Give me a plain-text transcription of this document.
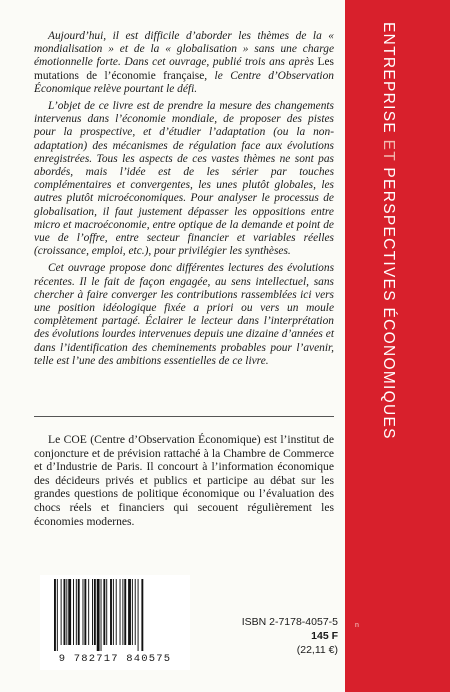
Aujourd’hui, il est difficile d’aborder les thèmes de la « mondialisation » et de la « globalisation » sans une charge émotionnelle forte. Dans cet ouvrage, publié trois ans après Les mutations de l’économie française, le Centre d’Observation Économique relève pourtant le défi.

L’objet de ce livre est de prendre la mesure des changements intervenus dans l’économie mondiale, de proposer des pistes pour la prospective, et d’étudier l’adaptation (ou la non-adaptation) des mécanismes de régulation face aux évolutions enregistrées. Tous les aspects de ces vastes thèmes ne sont pas abordés, mais l’idée est de les sérier par touches complémentaires et convergentes, les unes plutôt globales, les autres plutôt microéconomiques. Pour analyser le processus de globalisation, il faut justement dépasser les oppositions entre micro et macroéconomie, entre optique de la demande et point de vue de l’offre, entre secteur financier et variables réelles (croissance, emploi, etc.), pour privilégier les synthèses.

Cet ouvrage propose donc différentes lectures des évolutions récentes. Il le fait de façon engagée, au sens intellectuel, sans chercher à faire converger les contributions rassemblées ici vers une position idéologique fixée a priori ou vers un moule complètement partagé. Éclairer le lecteur dans l’interprétation des évolutions lourdes intervenues depuis une dizaine d’années et dans l’identification des cheminements probables pour l’avenir, telle est l’une des ambitions essentielles de ce livre.

Le COE (Centre d’Observation Économique) est l’institut de conjoncture et de prévision rattaché à la Chambre de Commerce et d’Industrie de Paris. Il concourt à l’information économique des décideurs privés et publics et participe au débat sur les grandes questions de politique économique ou l’évaluation des chocs réels et financiers qui secouent régulièrement les économies modernes.

ENTREPRISE ET PERSPECTIVES ÉCONOMIQUES
n
9 782717 840575
ISBN 2-7178-4057-5
145 F
(22,11 €)
